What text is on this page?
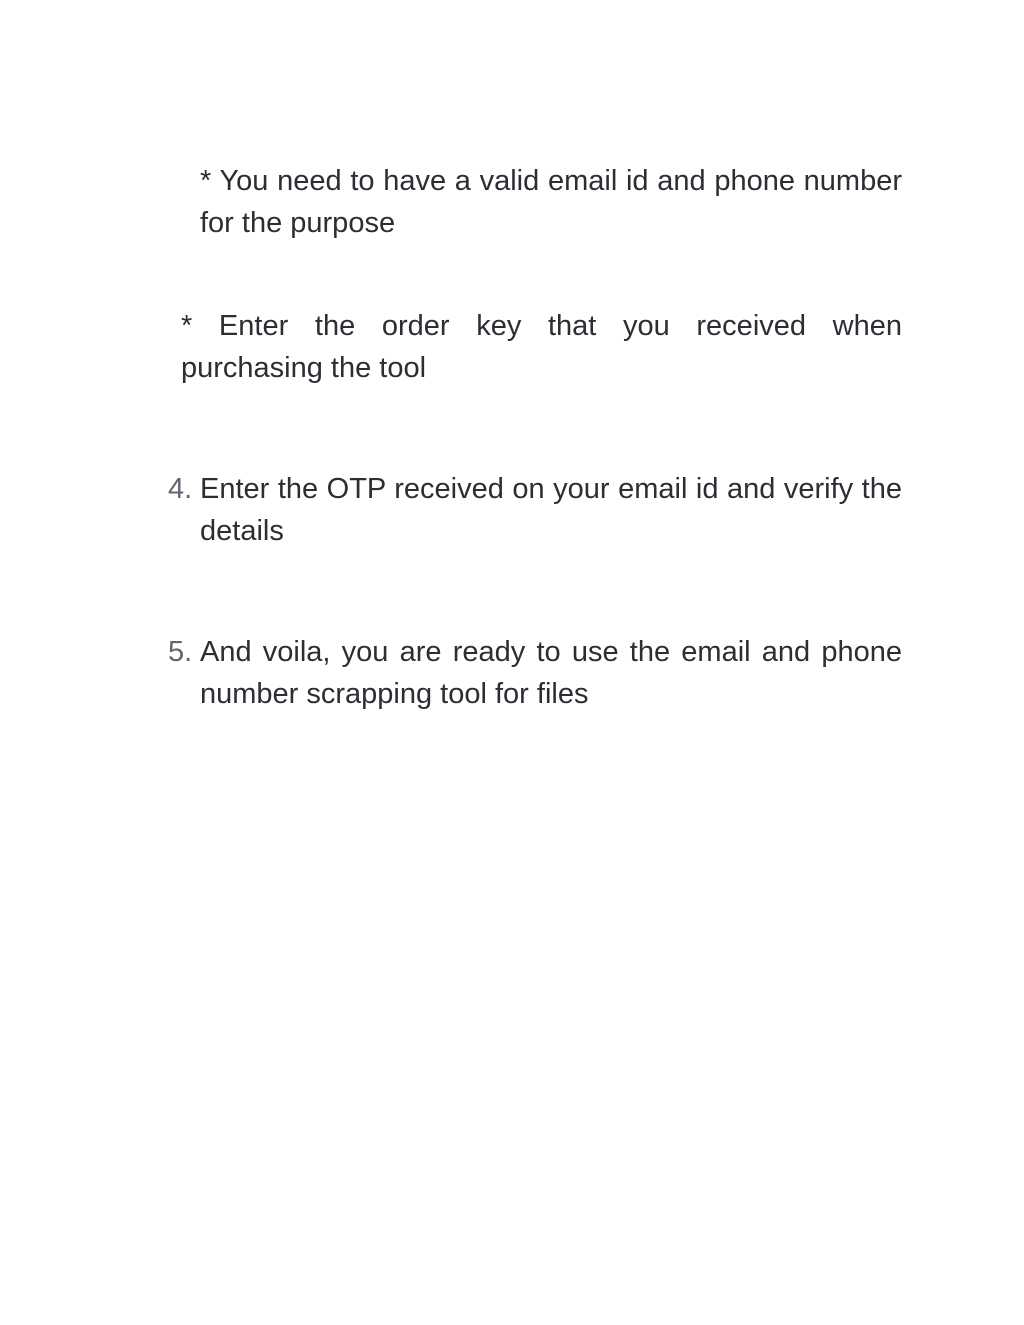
* You need to have a valid email id and phone number for the purpose

* Enter the order key that you received when purchasing the tool

4. Enter the OTP received on your email id and verify the details
5. And voila, you are ready to use the email and phone number scrapping tool for files
